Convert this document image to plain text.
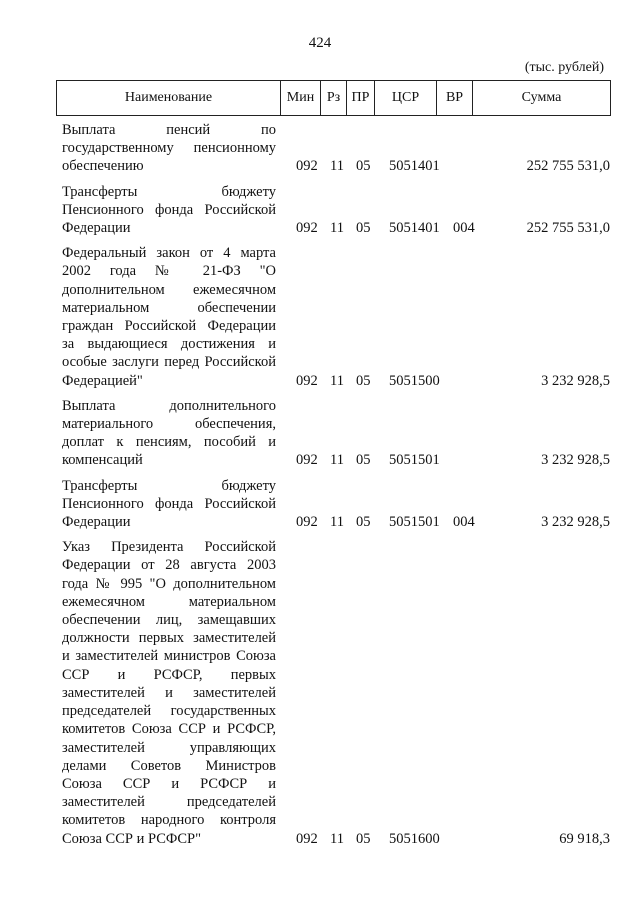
424
(тыс. рублей)
Наименование	Мин	Рз	ПР	ЦСР	ВР	Сумма
Выплата пенсий по государственному пенсионному обеспечению	092 11 05	5051401	252 755 531,0
Трансферты бюджету Пенсионного фонда Российской Федерации	092 11 05	5051401 004	252 755 531,0
Федеральный закон от 4 марта 2002 года № 21-ФЗ "О дополнительном ежемесячном материальном обеспечении граждан Российской Федерации за выдающиеся достижения и особые заслуги перед Российской Федерацией"	092 11 05	5051500	3 232 928,5
Выплата дополнительного материального обеспечения, доплат к пенсиям, пособий и компенсаций	092 11 05	5051501	3 232 928,5
Трансферты бюджету Пенсионного фонда Российской Федерации	092 11 05	5051501 004	3 232 928,5
Указ Президента Российской Федерации от 28 августа 2003 года № 995 "О дополнительном ежемесячном материальном обеспечении лиц, замещавших должности первых заместителей и заместителей министров Союза ССР и РСФСР, первых заместителей и заместителей председателей государственных комитетов Союза ССР и РСФСР, заместителей управляющих делами Советов Министров Союза ССР и РСФСР и заместителей председателей комитетов народного контроля Союза ССР и РСФСР"	092 11 05	5051600	69 918,3
